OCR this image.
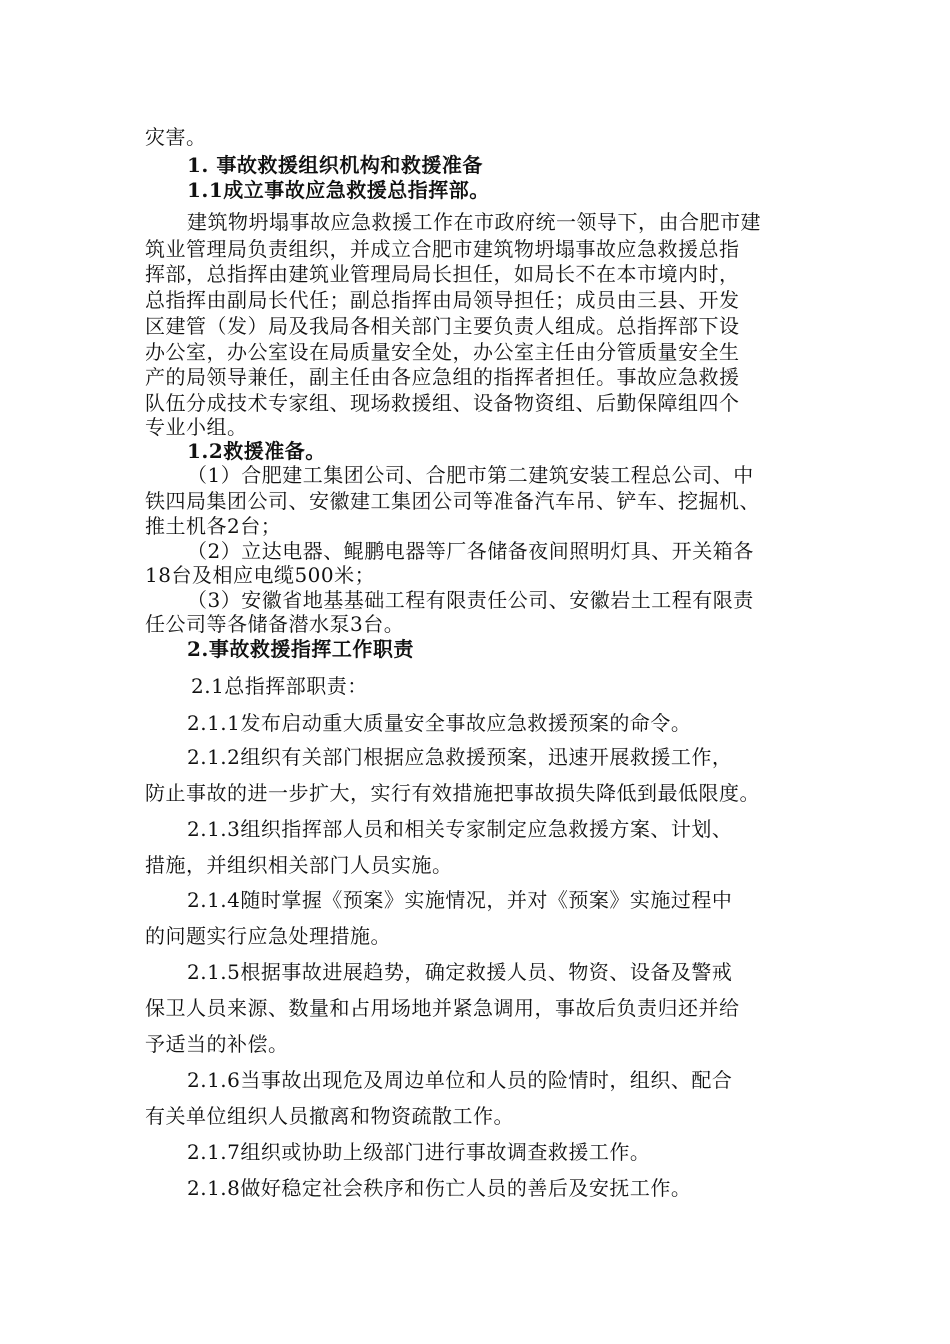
灾害。
1. 事故救援组织机构和救援准备
1.1成立事故应急救援总指挥部。
建筑物坍塌事故应急救援工作在市政府统一领导下，由合肥市建
筑业管理局负责组织，并成立合肥市建筑物坍塌事故应急救援总指
挥部，总指挥由建筑业管理局局长担任，如局长不在本市境内时，
总指挥由副局长代任；副总指挥由局领导担任；成员由三县、开发
区建管（发）局及我局各相关部门主要负责人组成。总指挥部下设
办公室，办公室设在局质量安全处，办公室主任由分管质量安全生
产的局领导兼任，副主任由各应急组的指挥者担任。事故应急救援
队伍分成技术专家组、现场救援组、设备物资组、后勤保障组四个
专业小组。
1.2救援准备。
（1）合肥建工集团公司、合肥市第二建筑安装工程总公司、中
铁四局集团公司、安徽建工集团公司等准备汽车吊、铲车、挖掘机、
推土机各2台；
（2）立达电器、鲲鹏电器等厂各储备夜间照明灯具、开关箱各
18台及相应电缆500米；
（3）安徽省地基基础工程有限责任公司、安徽岩土工程有限责
任公司等各储备潜水泵3台。
2.事故救援指挥工作职责
2.1总指挥部职责：
2.1.1发布启动重大质量安全事故应急救援预案的命令。
2.1.2组织有关部门根据应急救援预案，迅速开展救援工作，
防止事故的进一步扩大，实行有效措施把事故损失降低到最低限度。
2.1.3组织指挥部人员和相关专家制定应急救援方案、计划、
措施，并组织相关部门人员实施。
2.1.4随时掌握《预案》实施情况，并对《预案》实施过程中
的问题实行应急处理措施。
2.1.5根据事故进展趋势，确定救援人员、物资、设备及警戒
保卫人员来源、数量和占用场地并紧急调用，事故后负责归还并给
予适当的补偿。
2.1.6当事故出现危及周边单位和人员的险情时，组织、配合
有关单位组织人员撤离和物资疏散工作。
2.1.7组织或协助上级部门进行事故调查救援工作。
2.1.8做好稳定社会秩序和伤亡人员的善后及安抚工作。
